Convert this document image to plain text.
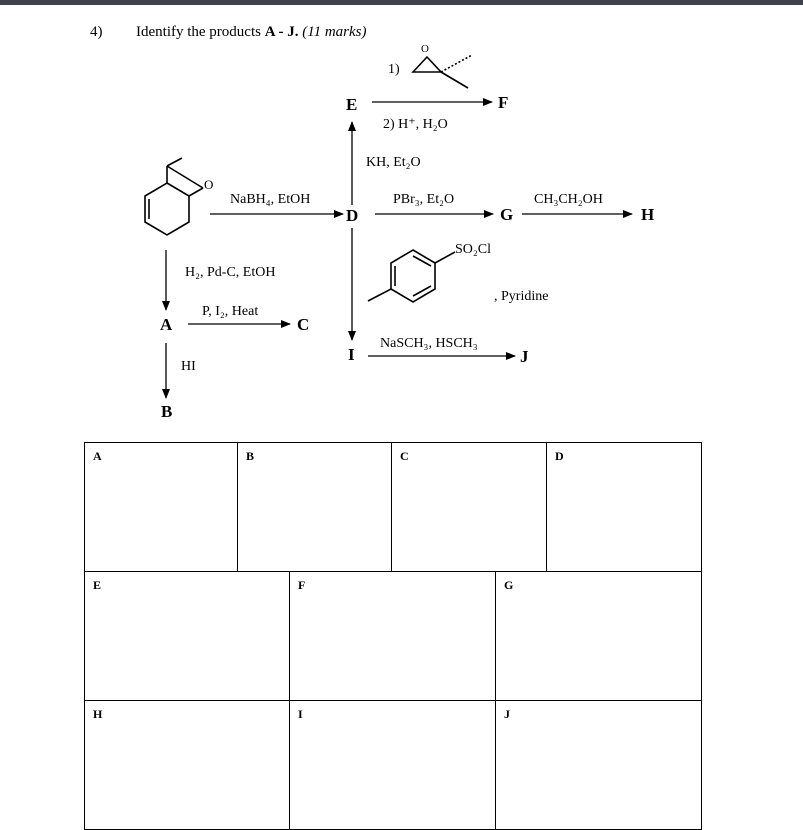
4) Identify the products A - J. (11 marks)
O
O
NaBH₄, EtOH
H₂, Pd-C, EtOH
P, I₂, Heat
HI
KH, Et₂O
1)
2) H⁺, H₂O
PBr₃, Et₂O	CH₃CH₂OH
SO₂Cl
, Pyridine
NaSCH₃, HSCH₃
E	F
D	G	H
A	C
I	J
B
A	B	C	D
E	F	G
H	I	J
